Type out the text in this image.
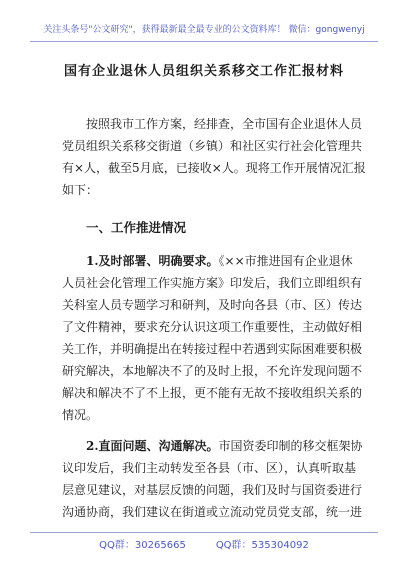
关注头条号"公文研究"，获得最新最全最专业的公文资料库！ 微信：gongwenyj
国有企业退休人员组织关系移交工作汇报材料
按照我市工作方案，经排查，全市国有企业退休人员
党员组织关系移交街道（乡镇）和社区实行社会化管理共
有×人，截至5月底，已接收×人。现将工作开展情况汇报
如下：
一、工作推进情况
1.及时部署、明确要求。《××市推进国有企业退休
人员社会化管理工作实施方案》印发后，我们立即组织有
关科室人员专题学习和研判，及时向各县（市、区）传达
了文件精神，要求充分认识这项工作重要性，主动做好相
关工作，并明确提出在转接过程中若遇到实际困难要积极
研究解决，本地解决不了的及时上报，不允许发现问题不
解决和解决不了不上报，更不能有无故不接收组织关系的
情况。
2.直面问题、沟通解决。市国资委印制的移交框架协
议印发后，我们主动转发至各县（市、区），认真听取基
层意见建议，对基层反馈的问题，我们及时与国资委进行
沟通协商，我们建议在街道或立流动党员党支部，统一进
QQ群：30265665	QQ群：535304092
